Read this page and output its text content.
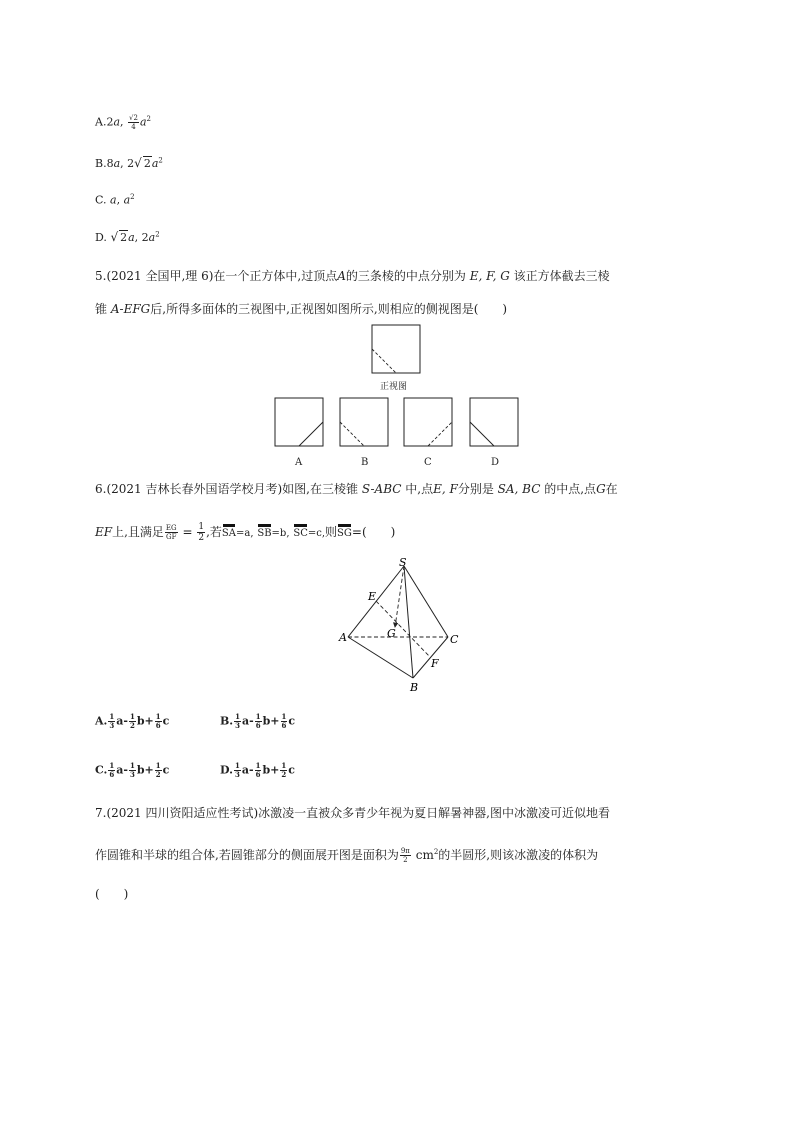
A.2a, $\frac{√2}{4} a^2$
B.8a, 2√ $2a^2$
C. a, $a^2$
D. √ 2a, $2a^2$
5.(2021 全国甲,理 6)在一个正方体中,过顶点A的三条棱的中点分别为 E, F, G 该正方体截去三棱
锥 A-EFG后,所得多面体的三视图中,正视图如图所示,则相应的侧视图是(　　)
正视图
A	B	C	D
6.(2021 吉林长春外国语学校月考)如图,在三棱锥 S-ABC 中,点E, F分别是 SA, BC 的中点,点G在
EF上,且满足 $\frac{EG}{GF} = \frac{1}{2}$ ,若SA=a, SB=b, SC=c,则SG=(　　)
S
E
G
A	C
F
B
A. $\frac{1}{3} a- \frac{1}{2} b+ \frac{1}{6}$ c	B. $\frac{1}{3} a- \frac{1}{6} b+ \frac{1}{6}$ c
C. $\frac{1}{6} a- \frac{1}{3} b+ \frac{1}{2}$ c	D. $\frac{1}{3} a- \frac{1}{6} b+ \frac{1}{2}$ c
7.(2021 四川资阳适应性考试)冰激凌一直被众多青少年视为夏日解暑神器,图中冰激凌可近似地看
作圆锥和半球的组合体,若圆锥部分的侧面展开图是面积为 $\frac{9\pi}{2} cm^2$的半圆形,则该冰激凌的体积为
(　　)
